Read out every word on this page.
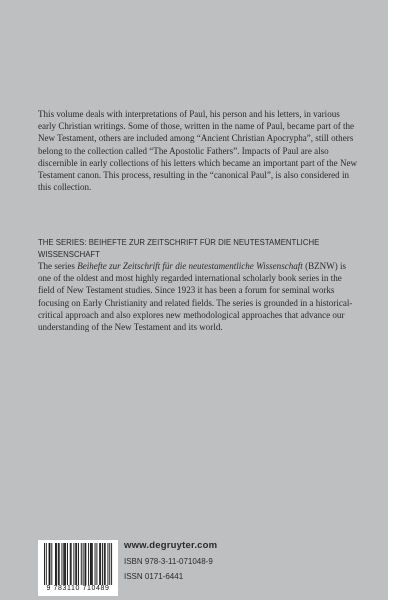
This volume deals with interpretations of Paul, his person and his letters, in various early Christian writings. Some of those, written in the name of Paul, became part of the New Testament, others are included among “Ancient Christian Apocrypha”, still others belong to the collection called “The Apostolic Fathers”. Impacts of Paul are also discernible in early collections of his letters which became an important part of the New Testament canon. This process, resulting in the “canonical Paul”, is also considered in this collection.

THE SERIES: BEIHEFTE ZUR ZEITSCHRIFT FÜR DIE NEUTESTAMENTLICHE WISSENSCHAFT

The series Beihefte zur Zeitschrift für die neutestamentliche Wissenschaft (BZNW) is one of the oldest and most highly regarded international scholarly book series in the field of New Testament studies. Since 1923 it has been a forum for seminal works focusing on Early Christianity and related fields. The series is grounded in a historical-critical approach and also explores new methodological approaches that advance our understanding of the New Testament and its world.

9 783110 710489
www.degruyter.com
ISBN 978-3-11-071048-9
ISSN 0171-6441
